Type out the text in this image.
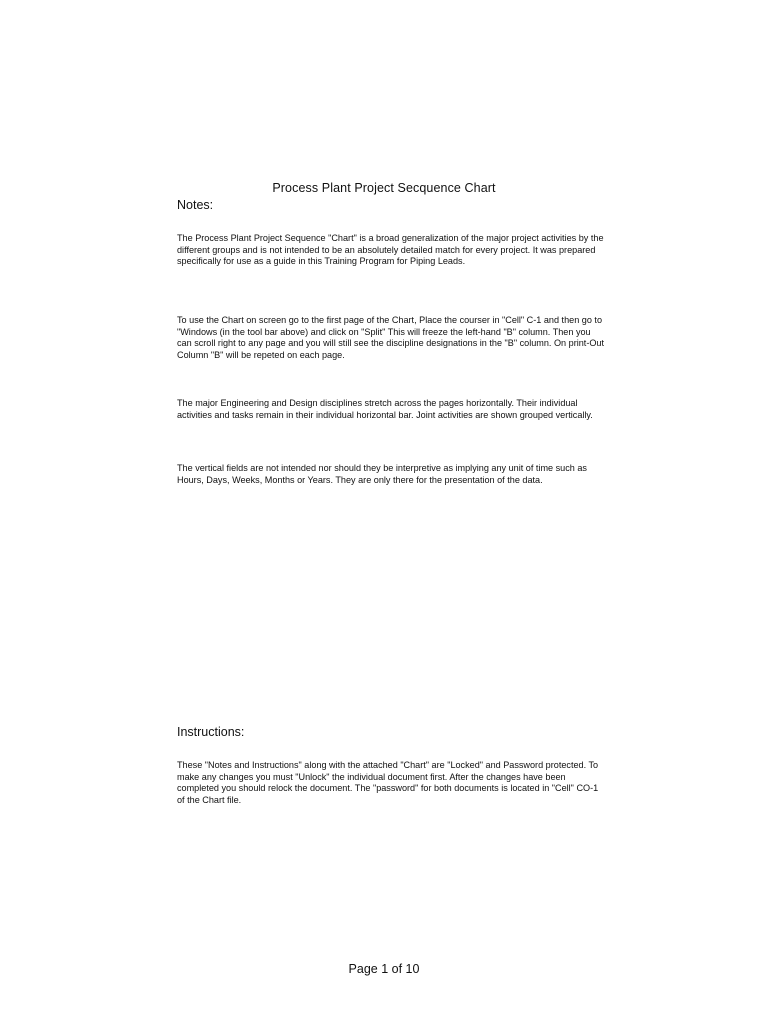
Process Plant Project Secquence Chart
Notes:

The Process Plant Project Sequence "Chart" is a broad generalization of the major project activities by the different groups and is not intended to be an absolutely detailed match for every project. It was prepared specifically for use as a guide in this Training Program for Piping Leads.

To use the Chart on screen go to the first page of the Chart, Place the courser in "Cell" C-1 and then go to "Windows (in the tool bar above) and click on "Split" This will freeze the left-hand "B" column. Then you can scroll right to any page and you will still see the discipline designations in the "B" column. On print-Out Column "B" will be repeted on each page.

The major Engineering and Design disciplines stretch across the pages horizontally. Their individual activities and tasks remain in their individual horizontal bar. Joint activities are shown grouped vertically.

The vertical fields are not intended nor should they be interpretive as implying any unit of time such as Hours, Days, Weeks, Months or Years. They are only there for the presentation of the data.

Instructions:

These "Notes and Instructions" along with the attached "Chart" are "Locked" and Password protected. To make any changes you must "Unlock" the individual document first. After the changes have been completed you should relock the document. The "password" for both documents is located in "Cell" CO-1 of the Chart file.

Page 1 of 10
